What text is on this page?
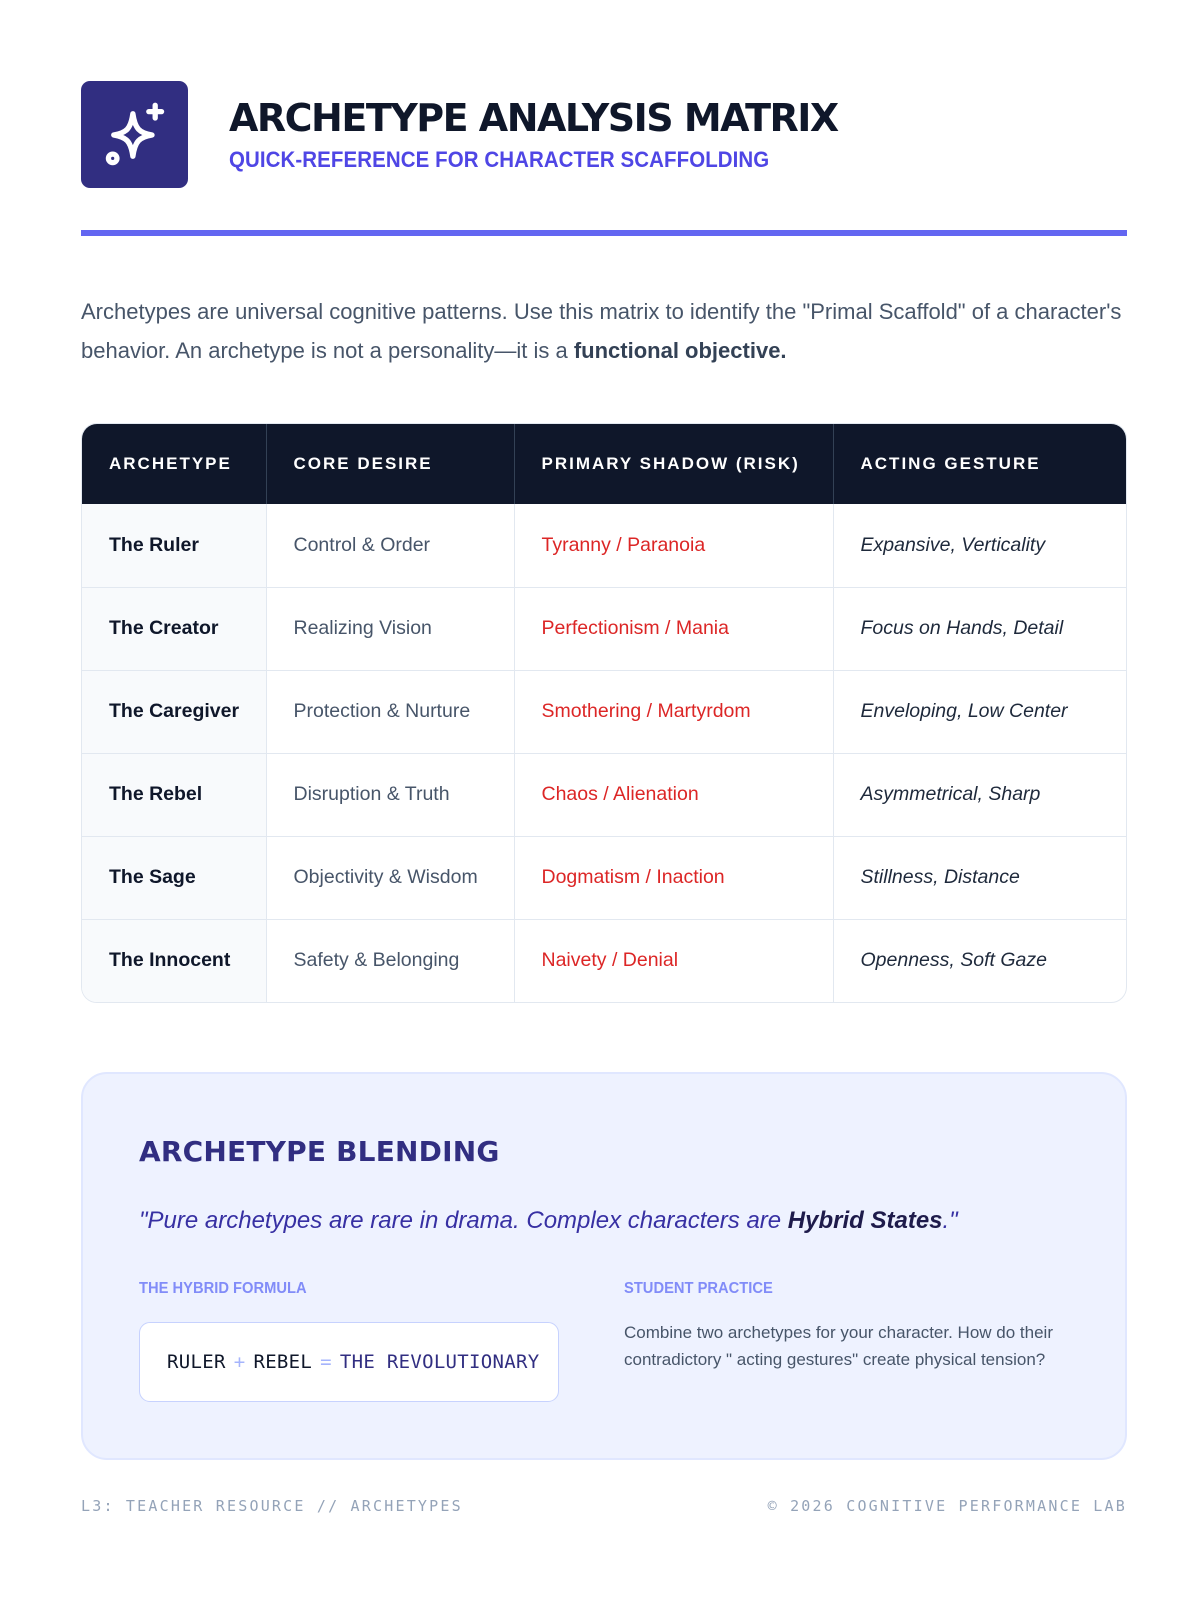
ARCHETYPE ANALYSIS MATRIX
QUICK-REFERENCE FOR CHARACTER SCAFFOLDING

Archetypes are universal cognitive patterns. Use this matrix to identify the "Primal Scaffold" of a character's behavior. An archetype is not a personality—it is a functional objective.

ARCHETYPE	CORE DESIRE	PRIMARY SHADOW (RISK)	ACTING GESTURE
The Ruler	Control & Order	Tyranny / Paranoia	Expansive, Verticality
The Creator	Realizing Vision	Perfectionism / Mania	Focus on Hands, Detail
The Caregiver	Protection & Nurture	Smothering / Martyrdom	Enveloping, Low Center
The Rebel	Disruption & Truth	Chaos / Alienation	Asymmetrical, Sharp
The Sage	Objectivity & Wisdom	Dogmatism / Inaction	Stillness, Distance
The Innocent	Safety & Belonging	Naivety / Denial	Openness, Soft Gaze
ARCHETYPE BLENDING
"Pure archetypes are rare in drama. Complex characters are Hybrid States."
THE HYBRID FORMULA
RULER + REBEL = THE REVOLUTIONARY
STUDENT PRACTICE
Combine two archetypes for your character. How do their contradictory " acting gestures" create physical tension?
L3: TEACHER RESOURCE // ARCHETYPES	© 2026 COGNITIVE PERFORMANCE LAB
